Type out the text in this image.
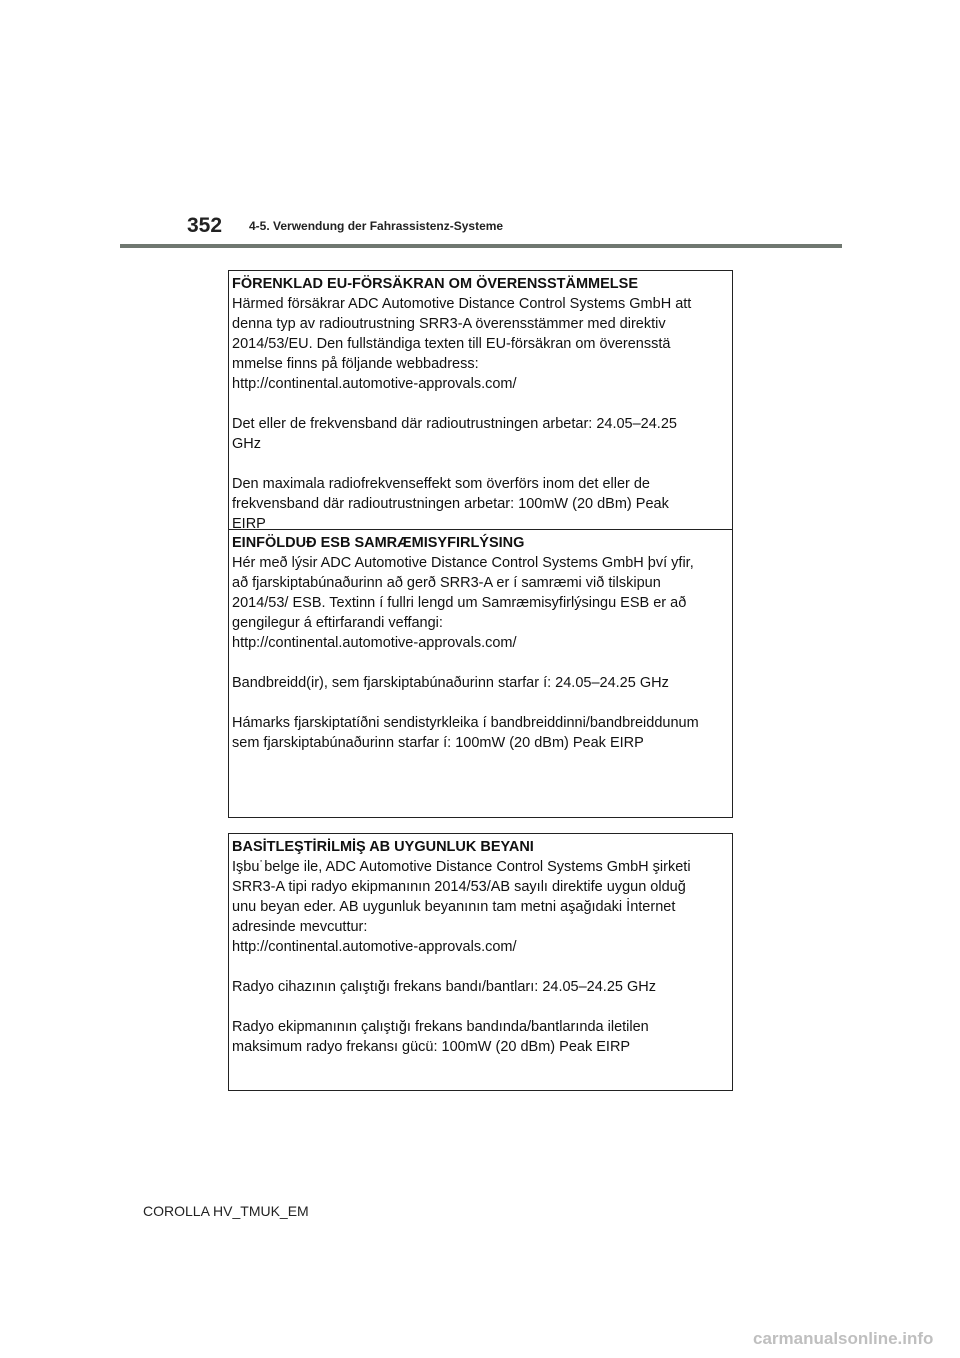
352 4-5. Verwendung der Fahrassistenz-Systeme
FÖRENKLAD EU-FÖRSÄKRAN OM ÖVERENSSTÄMMELSE
Härmed försäkrar ADC Automotive Distance Control Systems GmbH att
denna typ av radioutrustning SRR3-A överensstämmer med direktiv
2014/53/EU. Den fullständiga texten till EU-försäkran om överensstä
mmelse finns på följande webbadress:
http://continental.automotive-approvals.com/
Det eller de frekvensband där radioutrustningen arbetar: 24.05–24.25
GHz
Den maximala radiofrekvenseffekt som överförs inom det eller de
frekvensband där radioutrustningen arbetar: 100mW (20 dBm) Peak
EIRP
EINFÖLDUÐ ESB SAMRÆMISYFIRLÝSING
Hér með lýsir ADC Automotive Distance Control Systems GmbH því yfir,
að fjarskiptabúnaðurinn að gerð SRR3-A er í samræmi við tilskipun
2014/53/ ESB. Textinn í fullri lengd um Samræmisyfirlýsingu ESB er að
gengilegur á eftirfarandi veffangi:
http://continental.automotive-approvals.com/
Bandbreidd(ir), sem fjarskiptabúnaðurinn starfar í: 24.05–24.25 GHz
Hámarks fjarskiptatíðni sendistyrkleika í bandbreiddinni/bandbreiddunum
sem fjarskiptabúnaðurinn starfar í: 100mW (20 dBm) Peak EIRP
BASİTLEŞTİRİLMİŞ AB UYGUNLUK BEYANI
Işbu˙belge ile, ADC Automotive Distance Control Systems GmbH şirketi
SRR3-A tipi radyo ekipmanının 2014/53/AB sayılı direktife uygun olduğ
unu beyan eder. AB uygunluk beyanının tam metni aşağıdaki İnternet
adresinde mevcuttur:
http://continental.automotive-approvals.com/
Radyo cihazının çalıştığı frekans bandı/bantları: 24.05–24.25 GHz
Radyo ekipmanının çalıştığı frekans bandında/bantlarında iletilen
maksimum radyo frekansı gücü: 100mW (20 dBm) Peak EIRP
COROLLA HV_TMUK_EM
carmanualsonline.info
